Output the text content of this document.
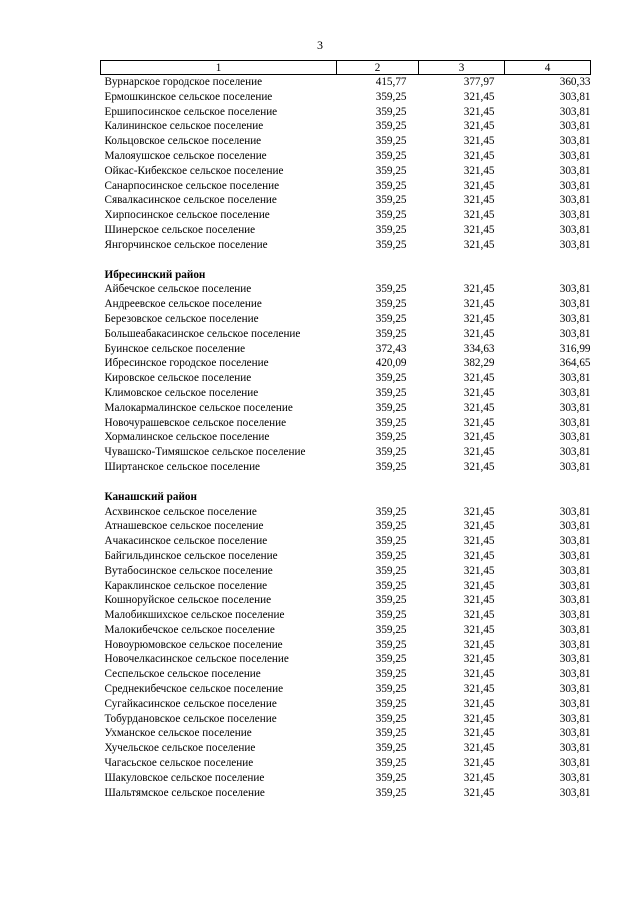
3
1	2	3	4
Вурнарское городское поселение	415,77	377,97	360,33
Ермошкинское сельское поселение	359,25	321,45	303,81
Ершипосинское сельское поселение	359,25	321,45	303,81
Калининское сельское поселение	359,25	321,45	303,81
Кольцовское сельское поселение	359,25	321,45	303,81
Малояушское сельское поселение	359,25	321,45	303,81
Ойкас-Кибекское сельское поселение	359,25	321,45	303,81
Санарпосинское сельское поселение	359,25	321,45	303,81
Сявалкасинское сельское поселение	359,25	321,45	303,81
Хирпосинское сельское поселение	359,25	321,45	303,81
Шинерское сельское поселение	359,25	321,45	303,81
Янгорчинское сельское поселение	359,25	321,45	303,81

Ибресинский район			
Айбечское сельское поселение	359,25	321,45	303,81
Андреевское сельское поселение	359,25	321,45	303,81
Березовское сельское поселение	359,25	321,45	303,81
Большеабакасинское сельское поселение	359,25	321,45	303,81
Буинское сельское поселение	372,43	334,63	316,99
Ибресинское городское поселение	420,09	382,29	364,65
Кировское сельское поселение	359,25	321,45	303,81
Климовское сельское поселение	359,25	321,45	303,81
Малокармалинское сельское поселение	359,25	321,45	303,81
Новочурашевское сельское поселение	359,25	321,45	303,81
Хормалинское сельское поселение	359,25	321,45	303,81
Чувашско-Тимяшское сельское поселение	359,25	321,45	303,81
Ширтанское сельское поселение	359,25	321,45	303,81

Канашский район			
Асхвинское сельское поселение	359,25	321,45	303,81
Атнашевское сельское поселение	359,25	321,45	303,81
Ачакасинское сельское поселение	359,25	321,45	303,81
Байгильдинское сельское поселение	359,25	321,45	303,81
Вутабосинское сельское поселение	359,25	321,45	303,81
Караклинское сельское поселение	359,25	321,45	303,81
Кошноруйское сельское поселение	359,25	321,45	303,81
Малобикшихское сельское поселение	359,25	321,45	303,81
Малокибечское сельское поселение	359,25	321,45	303,81
Новоурюмовское сельское поселение	359,25	321,45	303,81
Новочелкасинское сельское поселение	359,25	321,45	303,81
Сеспельское сельское поселение	359,25	321,45	303,81
Среднекибечское сельское поселение	359,25	321,45	303,81
Сугайкасинское сельское поселение	359,25	321,45	303,81
Тобурдановское сельское поселение	359,25	321,45	303,81
Ухманское сельское поселение	359,25	321,45	303,81
Хучельское сельское поселение	359,25	321,45	303,81
Чагасьское сельское поселение	359,25	321,45	303,81
Шакуловское сельское поселение	359,25	321,45	303,81
Шальтямское сельское поселение	359,25	321,45	303,81
